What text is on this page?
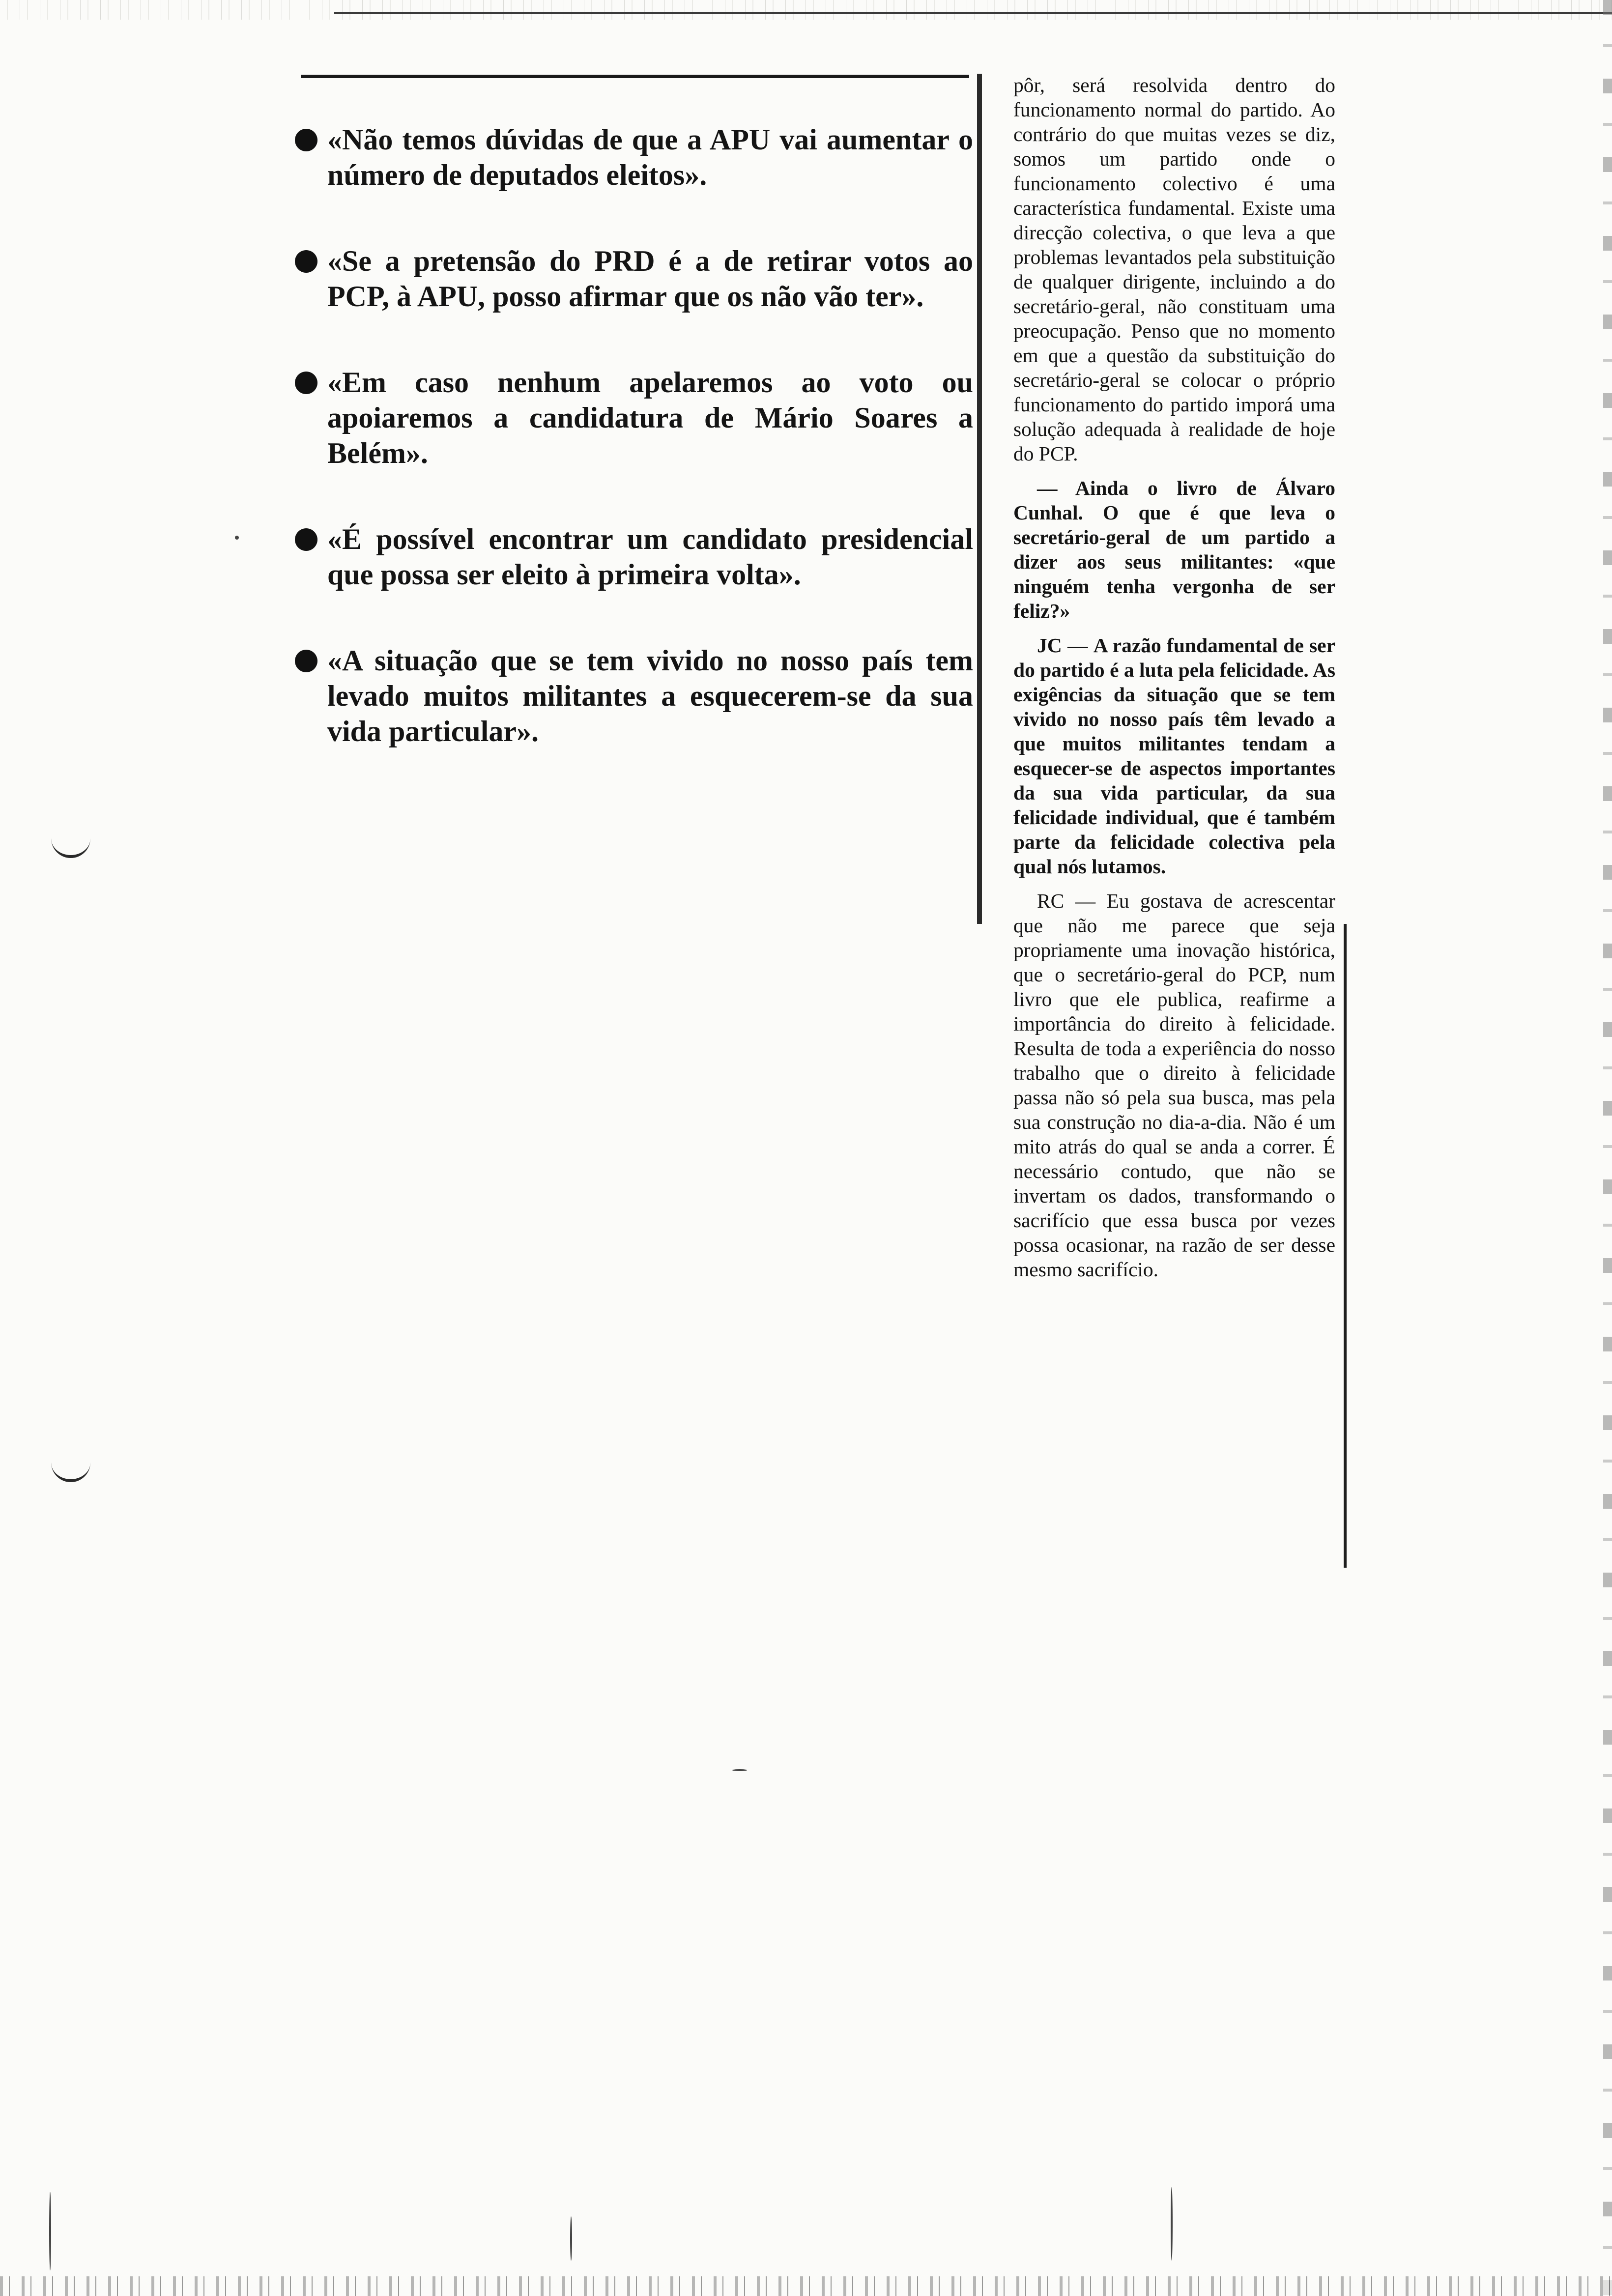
«Não temos dúvidas de que a APU vai aumentar o número de deputados eleitos».
«Se a pretensão do PRD é a de retirar votos ao PCP, à APU, posso afirmar que os não vão ter».
«Em caso nenhum apelaremos ao voto ou apoiaremos a candidatura de Mário Soares a Belém».
«É possível encontrar um candidato presidencial que possa ser eleito à primeira volta».
«A situação que se tem vivido no nosso país tem levado muitos militantes a esquecerem-se da sua vida particular».

pôr, será resolvida dentro do funcionamento normal do partido. Ao contrário do que muitas vezes se diz, somos um partido onde o funcionamento colectivo é uma característica fundamental. Existe uma direcção colectiva, o que leva a que problemas levantados pela substituição de qualquer dirigente, incluindo a do secretário-geral, não constituam uma preocupação. Penso que no momento em que a questão da substituição do secretário-geral se colocar o próprio funcionamento do partido imporá uma solução adequada à realidade de hoje do PCP.

— Ainda o livro de Álvaro Cunhal. O que é que leva o secretário-geral de um partido a dizer aos seus militantes: «que ninguém tenha vergonha de ser feliz?»

JC — A razão fundamental de ser do partido é a luta pela felicidade. As exigências da situação que se tem vivido no nosso país têm levado a que muitos militantes tendam a esquecer-se de aspectos importantes da sua vida particular, da sua felicidade individual, que é também parte da felicidade colectiva pela qual nós lutamos.

RC — Eu gostava de acrescentar que não me parece que seja propriamente uma inovação histórica, que o secretário-geral do PCP, num livro que ele publica, reafirme a importância do direito à felicidade. Resulta de toda a experiência do nosso trabalho que o direito à felicidade passa não só pela sua busca, mas pela sua construção no dia-a-dia. Não é um mito atrás do qual se anda a correr. É necessário contudo, que não se invertam os dados, transformando o sacrifício que essa busca por vezes possa ocasionar, na razão de ser desse mesmo sacrifício.
